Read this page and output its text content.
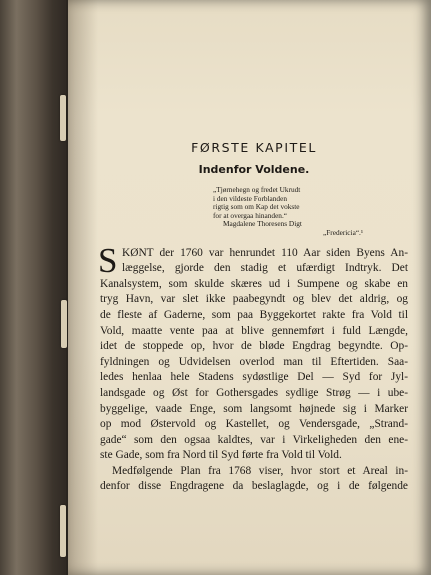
FØRSTE KAPITEL
Indenfor Voldene.
„Tjørnehegn og fredet Ukrudt
i den vildeste Forblanden
rigtig som om Kap det vokste
for at overgaa hinanden.“
Magdalene Thoresens Digt
„Fredericia“.¹
S KØNT der 1760 var henrundet 110 Aar siden Byens An-
læggelse, gjorde den stadig et ufærdigt Indtryk. Det
Kanalsystem, som skulde skæres ud i Sumpene og skabe en
tryg Havn, var slet ikke paabegyndt og blev det aldrig, og
de fleste af Gaderne, som paa Byggekortet rakte fra Vold til
Vold, maatte vente paa at blive gennemført i fuld Længde,
idet de stoppede op, hvor de bløde Engdrag begyndte. Op-
fyldningen og Udvidelsen overlod man til Eftertiden. Saa-
ledes henlaa hele Stadens sydøstlige Del — Syd for Jyl-
landsgade og Øst for Gothersgades sydlige Strøg — i ube-
byggelige, vaade Enge, som langsomt højnede sig i Marker
op mod Østervold og Kastellet, og Vendersgade, „Strand-
gade“ som den ogsaa kaldtes, var i Virkeligheden den ene-
ste Gade, som fra Nord til Syd førte fra Vold til Vold.
Medfølgende Plan fra 1768 viser, hvor stort et Areal in-
denfor disse Engdragene da beslaglagde, og i de følgende
